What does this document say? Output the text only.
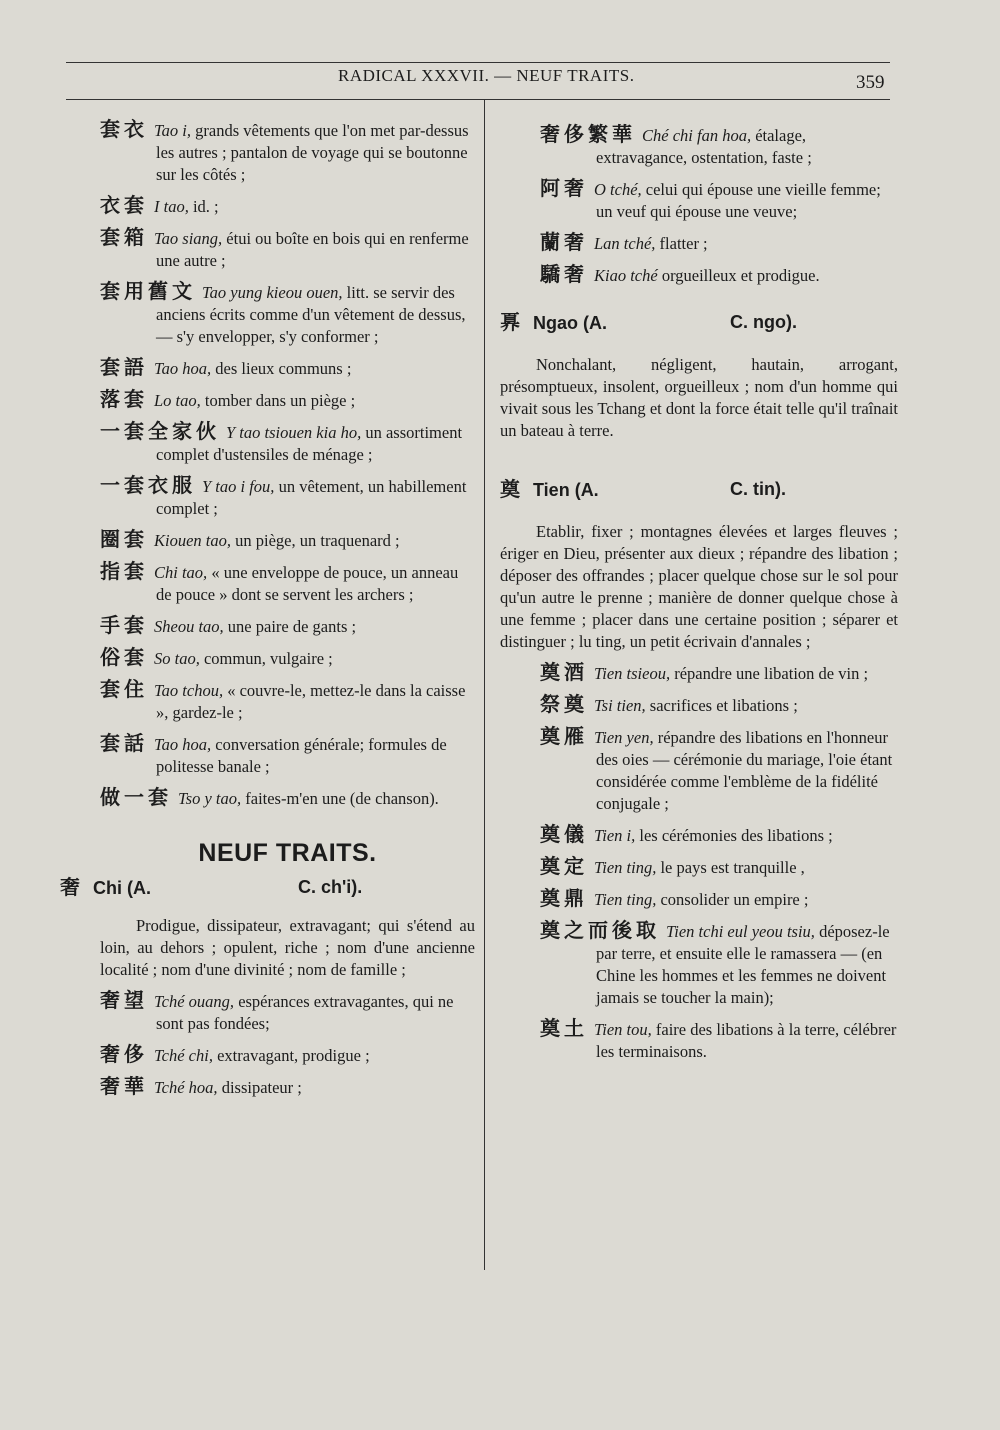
RADICAL XXXVII. — NEUF TRAITS.	359
套衣 Tao i, grands vêtements que l'on met par-dessus les autres ; pantalon de voyage qui se boutonne sur les côtés ;
衣套 I tao, id. ;
套箱 Tao siang, étui ou boîte en bois qui en renferme une autre ;
套用舊文 Tao yung kieou ouen, litt. se servir des anciens écrits comme d'un vêtement de dessus, — s'y envelopper, s'y conformer ;
套語 Tao hoa, des lieux communs ;
落套 Lo tao, tomber dans un piège ;
一套全家伙 Y tao tsiouen kia ho, un assortiment complet d'ustensiles de ménage ;
一套衣服 Y tao i fou, un vêtement, un habillement complet ;
圈套 Kiouen tao, un piège, un traquenard ;
指套 Chi tao, « une enveloppe de pouce, un anneau de pouce » dont se servent les archers ;
手套 Sheou tao, une paire de gants ;
俗套 So tao, commun, vulgaire ;
套住 Tao tchou, « couvre-le, mettez-le dans la caisse », gardez-le ;
套話 Tao hoa, conversation générale; formules de politesse banale ;
做一套 Tso y tao, faites-m'en une (de chanson).
NEUF TRAITS.
奢 Chi (A.	C. ch'i).

Prodigue, dissipateur, extravagant; qui s'étend au loin, au dehors ; opulent, riche ; nom d'une ancienne localité ; nom d'une divinité ; nom de famille ;

奢望 Tché ouang, espérances extravagantes, qui ne sont pas fondées;
奢侈 Tché chi, extravagant, prodigue ;
奢華 Tché hoa, dissipateur ;
奢侈繁華 Ché chi fan hoa, étalage, extravagance, ostentation, faste ;
阿奢 O tché, celui qui épouse une vieille femme; un veuf qui épouse une veuve;
蘭奢 Lan tché, flatter ;
驕奢 Kiao tché orgueilleux et prodigue.
奡 Ngao (A.	C. ngo).

Nonchalant, négligent, hautain, arrogant, présomptueux, insolent, orgueilleux ; nom d'un homme qui vivait sous les Tchang et dont la force était telle qu'il traînait un bateau à terre.

奠 Tien (A.	C. tin).

Etablir, fixer ; montagnes élevées et larges fleuves ; ériger en Dieu, présenter aux dieux ; répandre des libation ; déposer des offrandes ; placer quelque chose sur le sol pour qu'un autre le prenne ; manière de donner quelque chose à une femme ; placer dans une certaine position ; séparer et distinguer ; lu ting, un petit écrivain d'annales ;

奠酒 Tien tsieou, répandre une libation de vin ;
祭奠 Tsi tien, sacrifices et libations ;
奠雁 Tien yen, répandre des libations en l'honneur des oies — cérémonie du mariage, l'oie étant considérée comme l'emblème de la fidélité conjugale ;
奠儀 Tien i, les cérémonies des libations ;
奠定 Tien ting, le pays est tranquille ,
奠鼎 Tien ting, consolider un empire ;
奠之而後取 Tien tchi eul yeou tsiu, déposez-le par terre, et ensuite elle le ramassera — (en Chine les hommes et les femmes ne doivent jamais se toucher la main);
奠土 Tien tou, faire des libations à la terre, célébrer les terminaisons.
